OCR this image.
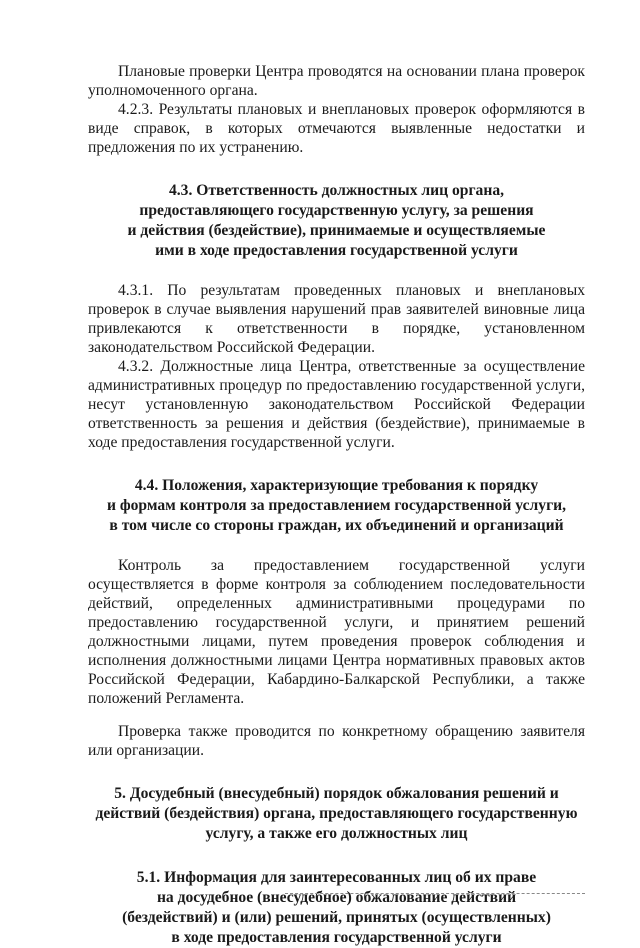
Плановые проверки Центра проводятся на основании плана проверок уполномоченного органа.

4.2.3. Результаты плановых и внеплановых проверок оформляются в виде справок, в которых отмечаются выявленные недостатки и предложения по их устранению.

4.3. Ответственность должностных лиц органа,
предоставляющего государственную услугу, за решения
и действия (бездействие), принимаемые и осуществляемые
ими в ходе предоставления государственной услуги

4.3.1. По результатам проведенных плановых и внеплановых проверок в случае выявления нарушений прав заявителей виновные лица привлекаются к ответственности в порядке, установленном законодательством Российской Федерации.

4.3.2. Должностные лица Центра, ответственные за осуществление административных процедур по предоставлению государственной услуги, несут установленную законодательством Российской Федерации ответственность за решения и действия (бездействие), принимаемые в ходе предоставления государственной услуги.

4.4. Положения, характеризующие требования к порядку
и формам контроля за предоставлением государственной услуги,
в том числе со стороны граждан, их объединений и организаций

Контроль за предоставлением государственной услуги осуществляется в форме контроля за соблюдением последовательности действий, определенных административными процедурами по предоставлению государственной услуги, и принятием решений должностными лицами, путем проведения проверок соблюдения и исполнения должностными лицами Центра нормативных правовых актов Российской Федерации, Кабардино-Балкарской Республики, а также положений Регламента.

Проверка также проводится по конкретному обращению заявителя или организации.

5. Досудебный (внесудебный) порядок обжалования решений и
действий (бездействия) органа, предоставляющего государственную
услугу, а также его должностных лиц
5.1. Информация для заинтересованных лиц об их праве
на досудебное (внесудебное) обжалование действий
(бездействий) и (или) решений, принятых (осуществленных)
в ходе предоставления государственной услуги
